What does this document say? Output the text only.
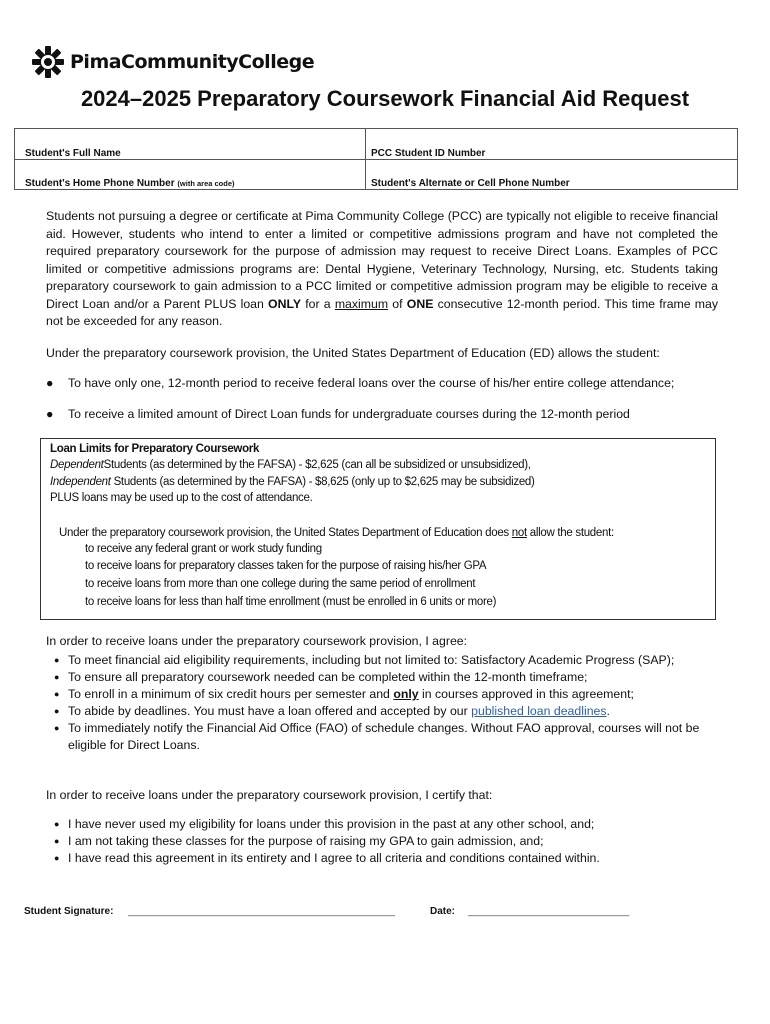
PimaCommunityCollege
2024–2025 Preparatory Coursework Financial Aid Request
Student's Full Name	PCC Student ID Number
Student's Home Phone Number (with area code)	Student's Alternate or Cell Phone Number

Students not pursuing a degree or certificate at Pima Community College (PCC) are typically not eligible to receive financial aid. However, students who intend to enter a limited or competitive admissions program and have not completed the required preparatory coursework for the purpose of admission may request to receive Direct Loans. Examples of PCC limited or competitive admissions programs are: Dental Hygiene, Veterinary Technology, Nursing, etc. Students taking preparatory coursework to gain admission to a PCC limited or competitive admission program may be eligible to receive a Direct Loan and/or a Parent PLUS loan ONLY for a maximum of ONE consecutive 12-month period. This time frame may not be exceeded for any reason.

Under the preparatory coursework provision, the United States Department of Education (ED) allows the student:

●	To have only one, 12-month period to receive federal loans over the course of his/her entire college attendance;
●	To receive a limited amount of Direct Loan funds for undergraduate courses during the 12-month period
Loan Limits for Preparatory Coursework
DependentStudents (as determined by the FAFSA) - $2,625 (can all be subsidized or unsubsidized),
Independent Students (as determined by the FAFSA) - $8,625 (only up to $2,625 may be subsidized)
PLUS loans may be used up to the cost of attendance.
Under the preparatory coursework provision, the United States Department of Education does not allow the student:
to receive any federal grant or work study funding
to receive loans for preparatory classes taken for the purpose of raising his/her GPA
to receive loans from more than one college during the same period of enrollment
to receive loans for less than half time enrollment (must be enrolled in 6 units or more)
In order to receive loans under the preparatory coursework provision, I agree:
● To meet financial aid eligibility requirements, including but not limited to: Satisfactory Academic Progress (SAP);
● To ensure all preparatory coursework needed can be completed within the 12-month timeframe;
● To enroll in a minimum of six credit hours per semester and only in courses approved in this agreement;
● To abide by deadlines. You must have a loan offered and accepted by our published loan deadlines.
● To immediately notify the Financial Aid Office (FAO) of schedule changes. Without FAO approval, courses will not be eligible for Direct Loans.
In order to receive loans under the preparatory coursework provision, I certify that:
● I have never used my eligibility for loans under this provision in the past at any other school, and;
● I am not taking these classes for the purpose of raising my GPA to gain admission, and;
● I have read this agreement in its entirety and I agree to all criteria and conditions contained within.
Student Signature: ________________________________________________	Date: _____________________________
